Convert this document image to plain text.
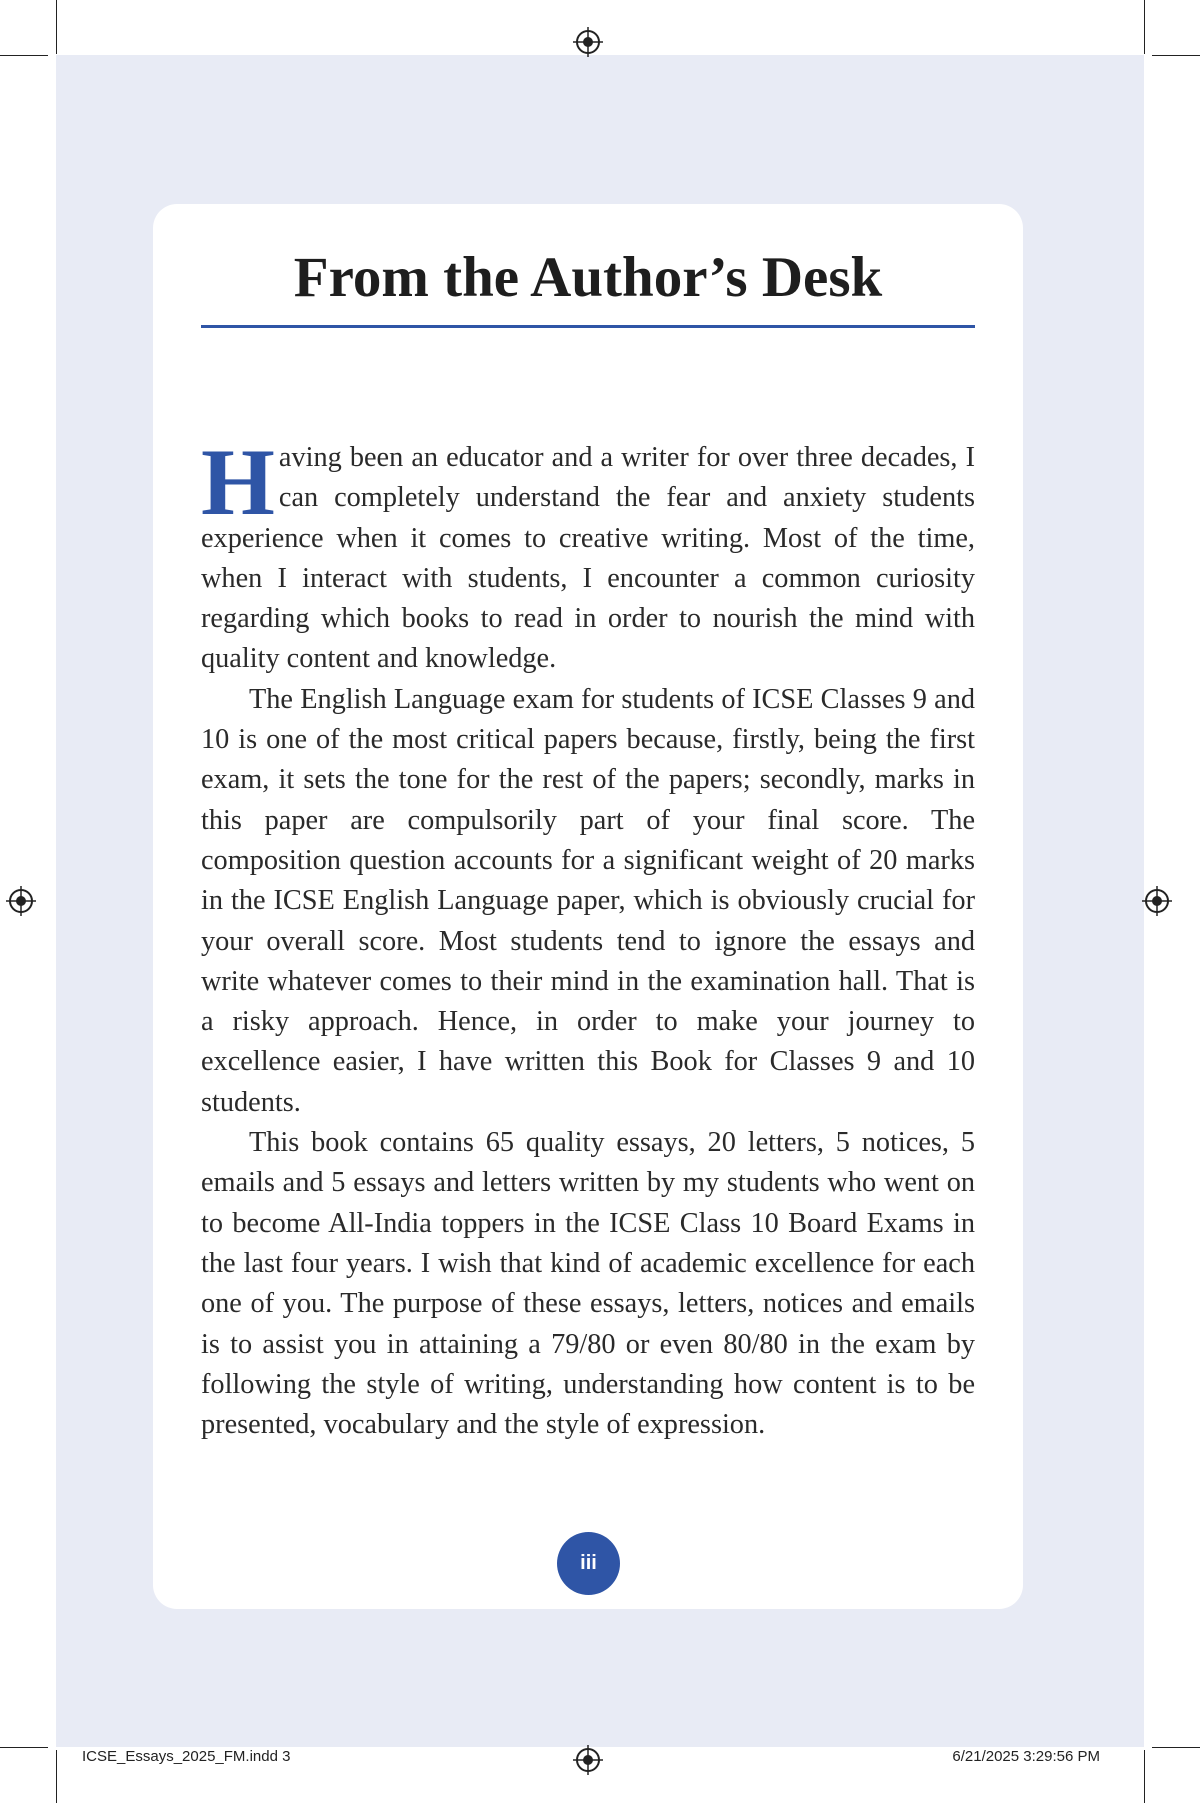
From the Author’s Desk

Having been an educator and a writer for over three decades, I can completely understand the fear and anxiety students experience when it comes to creative writing. Most of the time, when I interact with students, I encounter a common curiosity regarding which books to read in order to nourish the mind with quality content and knowledge.

The English Language exam for students of ICSE Classes 9 and 10 is one of the most critical papers because, firstly, being the first exam, it sets the tone for the rest of the papers; secondly, marks in this paper are compulsorily part of your final score. The composition question accounts for a significant weight of 20 marks in the ICSE English Language paper, which is obviously crucial for your overall score. Most students tend to ignore the essays and write whatever comes to their mind in the examination hall. That is a risky approach. Hence, in order to make your journey to excellence easier, I have written this Book for Classes 9 and 10 students.

This book contains 65 quality essays, 20 letters, 5 notices, 5 emails and 5 essays and letters written by my students who went on to become All-India toppers in the ICSE Class 10 Board Exams in the last four years. I wish that kind of academic excellence for each one of you. The purpose of these essays, letters, notices and emails is to assist you in attaining a 79/80 or even 80/80 in the exam by following the style of writing, understanding how content is to be presented, vocabulary and the style of expression.

iii
ICSE_Essays_2025_FM.indd 3	6/21/2025 3:29:56 PM
